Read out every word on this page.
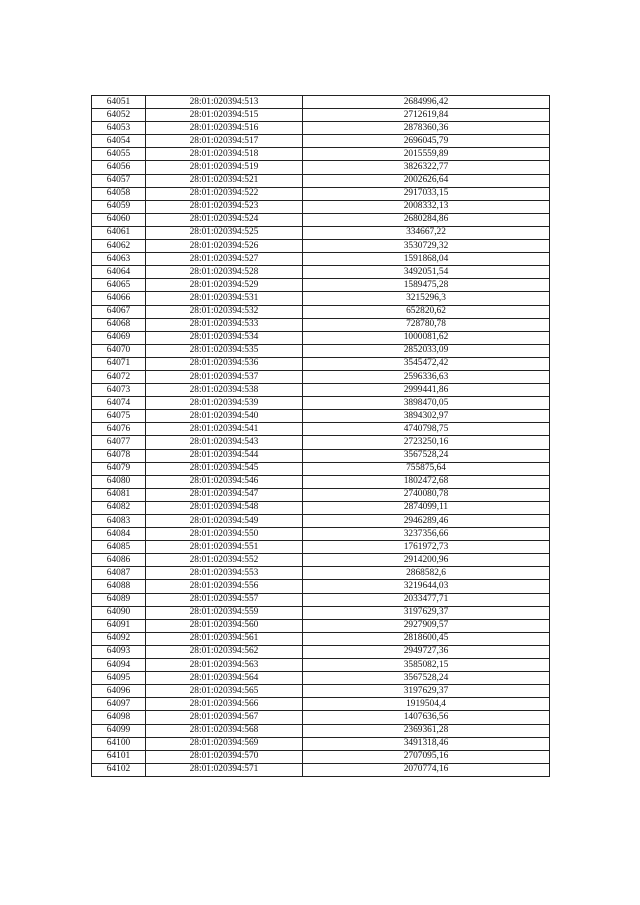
64051	28:01:020394:513	2684996,42
64052	28:01:020394:515	2712619,84
64053	28:01:020394:516	2878360,36
64054	28:01:020394:517	2696045,79
64055	28:01:020394:518	2015559,89
64056	28:01:020394:519	3826322,77
64057	28:01:020394:521	2002626,64
64058	28:01:020394:522	2917033,15
64059	28:01:020394:523	2008332,13
64060	28:01:020394:524	2680284,86
64061	28:01:020394:525	334667,22
64062	28:01:020394:526	3530729,32
64063	28:01:020394:527	1591868,04
64064	28:01:020394:528	3492051,54
64065	28:01:020394:529	1589475,28
64066	28:01:020394:531	3215296,3
64067	28:01:020394:532	652820,62
64068	28:01:020394:533	728780,78
64069	28:01:020394:534	1000081,62
64070	28:01:020394:535	2852033,09
64071	28:01:020394:536	3545472,42
64072	28:01:020394:537	2596336,63
64073	28:01:020394:538	2999441,86
64074	28:01:020394:539	3898470,05
64075	28:01:020394:540	3894302,97
64076	28:01:020394:541	4740798,75
64077	28:01:020394:543	2723250,16
64078	28:01:020394:544	3567528,24
64079	28:01:020394:545	755875,64
64080	28:01:020394:546	1802472,68
64081	28:01:020394:547	2740080,78
64082	28:01:020394:548	2874099,11
64083	28:01:020394:549	2946289,46
64084	28:01:020394:550	3237356,66
64085	28:01:020394:551	1761972,73
64086	28:01:020394:552	2914200,96
64087	28:01:020394:553	2868582,6
64088	28:01:020394:556	3219644,03
64089	28:01:020394:557	2033477,71
64090	28:01:020394:559	3197629,37
64091	28:01:020394:560	2927909,57
64092	28:01:020394:561	2818600,45
64093	28:01:020394:562	2949727,36
64094	28:01:020394:563	3585082,15
64095	28:01:020394:564	3567528,24
64096	28:01:020394:565	3197629,37
64097	28:01:020394:566	1919504,4
64098	28:01:020394:567	1407636,56
64099	28:01:020394:568	2369361,28
64100	28:01:020394:569	3491318,46
64101	28:01:020394:570	2707095,16
64102	28:01:020394:571	2070774,16
